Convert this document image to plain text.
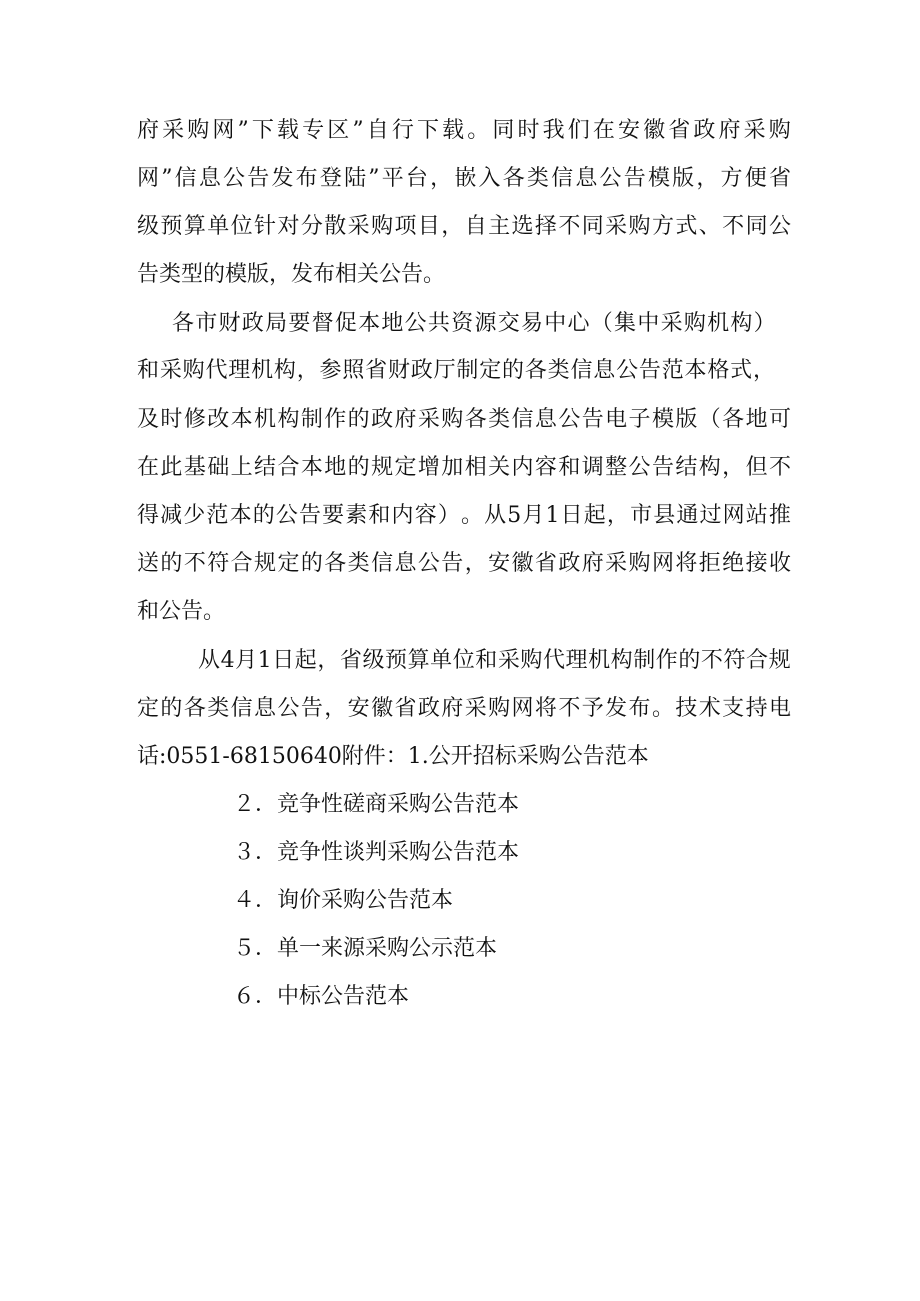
府 采 购 网 ” 下 载 专 区 ” 自 行 下 载 。 同 时 我 们 在 安 徽 省 政 府 采 购
网 ” 信 息 公 告 发 布 登 陆 ” 平 台 ， 嵌 入 各 类 信 息 公 告 模 版 ， 方 便 省
级 预 算 单 位 针 对 分 散 采 购 项 目 ， 自 主 选 择 不 同 采 购 方 式 、 不 同 公
告类型的模版，发布相关公告。
各 市 财 政 局 要 督 促 本 地 公 共 资 源 交 易 中 心 （ 集 中 采 购 机 构 ）
和 采 购 代 理 机 构 ， 参 照 省 财 政 厅 制 定 的 各 类 信 息 公 告 范 本 格 式 ，
及 时 修 改 本 机 构 制 作 的 政 府 采 购 各 类 信 息 公 告 电 子 模 版 （ 各 地 可
在 此 基 础 上 结 合 本 地 的 规 定 增 加 相 关 内 容 和 调 整 公 告 结 构 ， 但 不
得 减 少 范 本 的 公 告 要 素 和 内 容 ） 。 从 5 月 1 日 起 ， 市 县 通 过 网 站 推
送 的 不 符 合 规 定 的 各 类 信 息 公 告 ， 安 徽 省 政 府 采 购 网 将 拒 绝 接 收
和公告。
从 4 月 1 日 起 ， 省 级 预 算 单 位 和 采 购 代 理 机 构 制 作 的 不 符 合 规
定 的 各 类 信 息 公 告 ， 安 徽 省 政 府 采 购 网 将 不 予 发 布 。 技 术 支 持 电
话:0551-68150640附件：1.公开招标采购公告范本
２．竞争性磋商采购公告范本
３．竞争性谈判采购公告范本
４．询价采购公告范本
５．单一来源采购公示范本
６．中标公告范本
